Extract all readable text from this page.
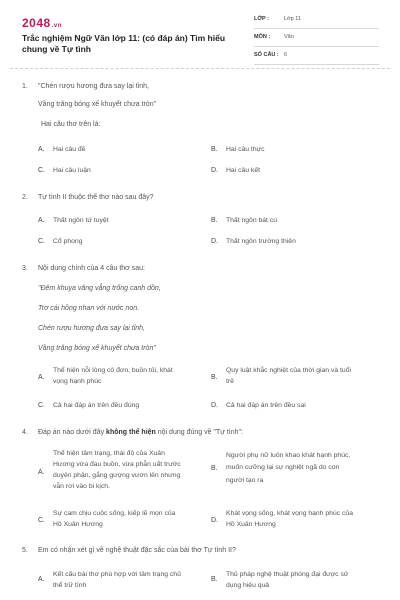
2048.vn
Trắc nghiệm Ngữ Văn lớp 11: (có đáp án) Tìm hiểu chung về Tự tình
LỚP :	Lớp 11
MÔN :	Văn
SỐ CÂU : 6
1.	"Chén rượu hương đưa say lại tỉnh,
Vầng trăng bóng xế khuyết chưa tròn"
Hai câu thơ trên là:
A. Hai câu đề	B. Hai câu thực
C. Hai câu luận	D. Hai câu kết
2.	Tự tình II thuộc thể thơ nào sau đây?
A. Thất ngôn tứ tuyệt	B. Thất ngôn bát cú
C. Cổ phong	D. Thất ngôn trường thiên
3.	Nội dung chính của 4 câu thơ sau:
"Đêm khuya văng vẳng trống canh dồn,
Trơ cái hồng nhan với nước non.
Chén rượu hương đưa say lại tỉnh,
Vầng trăng bóng xế khuyết chưa tròn"
A.
Thể hiện nỗi lòng cô đơn, buồn tủi, khát
vọng hạnh phúc
B.
Quy luật khắc nghiệt của thời gian và tuổi
trẻ
C. Cả hai đáp án trên đều đúng	D. Cả hai đáp án trên đều sai
4.	Đáp án nào dưới đây không thể hiện nội dung đúng về "Tự tình":
A.
Thể hiện tâm trạng, thái độ của Xuân
Hương vừa đau buồn, vừa phẫn uất trước
duyên phận, gắng gượng vươn lên nhưng
vẫn rơi vào bi kịch.
B.
Người phụ nữ luôn khao khát hạnh phúc,
muốn cưỡng lại sự nghiệt ngã do con
người tạo ra
C.
Sự cam chịu cuộc sống, kiếp lẽ mọn của
Hồ Xuân Hương
D.
Khát vọng sống, khát vọng hạnh phúc của
Hồ Xuân Hương
5.	Em có nhận xét gì về nghệ thuật đặc sắc của bài thơ Tự tình II?
A.
Kết cấu bài thơ phù hợp với tâm trạng chủ
thể trữ tình
B.
Thủ pháp nghệ thuật phóng đại được sử
dụng hiệu quả
